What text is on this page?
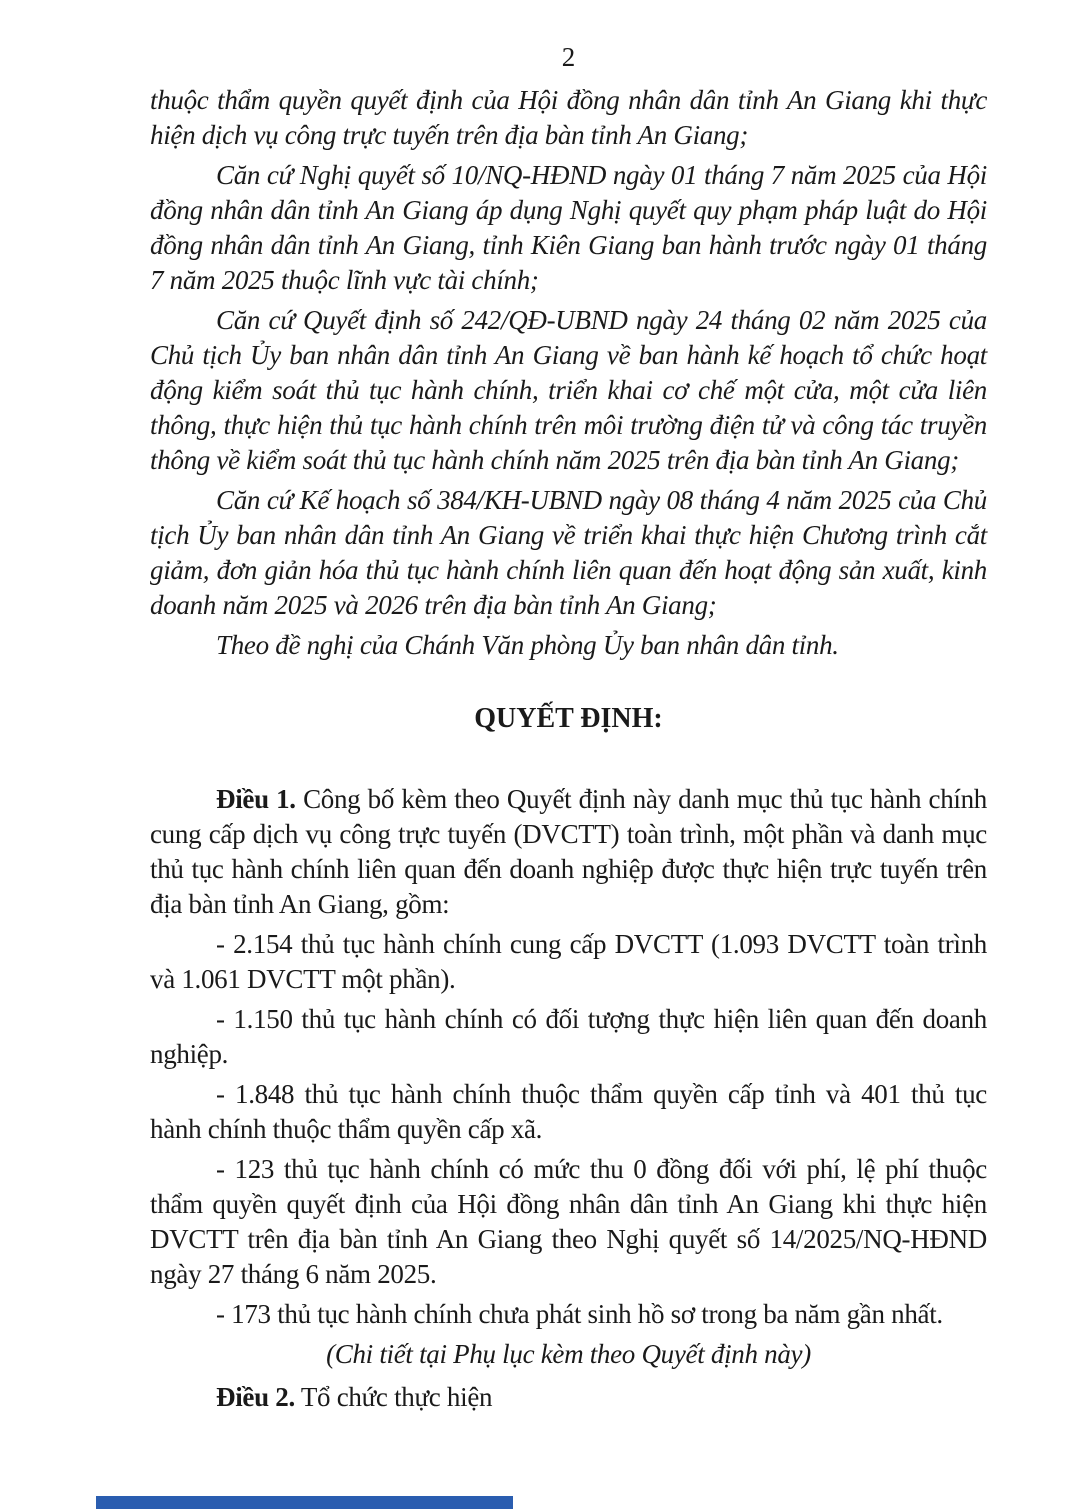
2

thuộc thẩm quyền quyết định của Hội đồng nhân dân tỉnh An Giang khi thực hiện dịch vụ công trực tuyến trên địa bàn tỉnh An Giang;

Căn cứ Nghị quyết số 10/NQ-HĐND ngày 01 tháng 7 năm 2025 của Hội đồng nhân dân tỉnh An Giang áp dụng Nghị quyết quy phạm pháp luật do Hội đồng nhân dân tỉnh An Giang, tỉnh Kiên Giang ban hành trước ngày 01 tháng 7 năm 2025 thuộc lĩnh vực tài chính;

Căn cứ Quyết định số 242/QĐ-UBND ngày 24 tháng 02 năm 2025 của Chủ tịch Ủy ban nhân dân tỉnh An Giang về ban hành kế hoạch tổ chức hoạt động kiểm soát thủ tục hành chính, triển khai cơ chế một cửa, một cửa liên thông, thực hiện thủ tục hành chính trên môi trường điện tử và công tác truyền thông về kiểm soát thủ tục hành chính năm 2025 trên địa bàn tỉnh An Giang;

Căn cứ Kế hoạch số 384/KH-UBND ngày 08 tháng 4 năm 2025 của Chủ tịch Ủy ban nhân dân tỉnh An Giang về triển khai thực hiện Chương trình cắt giảm, đơn giản hóa thủ tục hành chính liên quan đến hoạt động sản xuất, kinh doanh năm 2025 và 2026 trên địa bàn tỉnh An Giang;

Theo đề nghị của Chánh Văn phòng Ủy ban nhân dân tỉnh.

QUYẾT ĐỊNH:

Điều 1. Công bố kèm theo Quyết định này danh mục thủ tục hành chính cung cấp dịch vụ công trực tuyến (DVCTT) toàn trình, một phần và danh mục thủ tục hành chính liên quan đến doanh nghiệp được thực hiện trực tuyến trên địa bàn tỉnh An Giang, gồm:

- 2.154 thủ tục hành chính cung cấp DVCTT (1.093 DVCTT toàn trình và 1.061 DVCTT một phần).

- 1.150 thủ tục hành chính có đối tượng thực hiện liên quan đến doanh nghiệp.

- 1.848 thủ tục hành chính thuộc thẩm quyền cấp tỉnh và 401 thủ tục hành chính thuộc thẩm quyền cấp xã.

- 123 thủ tục hành chính có mức thu 0 đồng đối với phí, lệ phí thuộc thẩm quyền quyết định của Hội đồng nhân dân tỉnh An Giang khi thực hiện DVCTT trên địa bàn tỉnh An Giang theo Nghị quyết số 14/2025/NQ-HĐND ngày 27 tháng 6 năm 2025.

- 173 thủ tục hành chính chưa phát sinh hồ sơ trong ba năm gần nhất.

(Chi tiết tại Phụ lục kèm theo Quyết định này)

Điều 2. Tổ chức thực hiện
